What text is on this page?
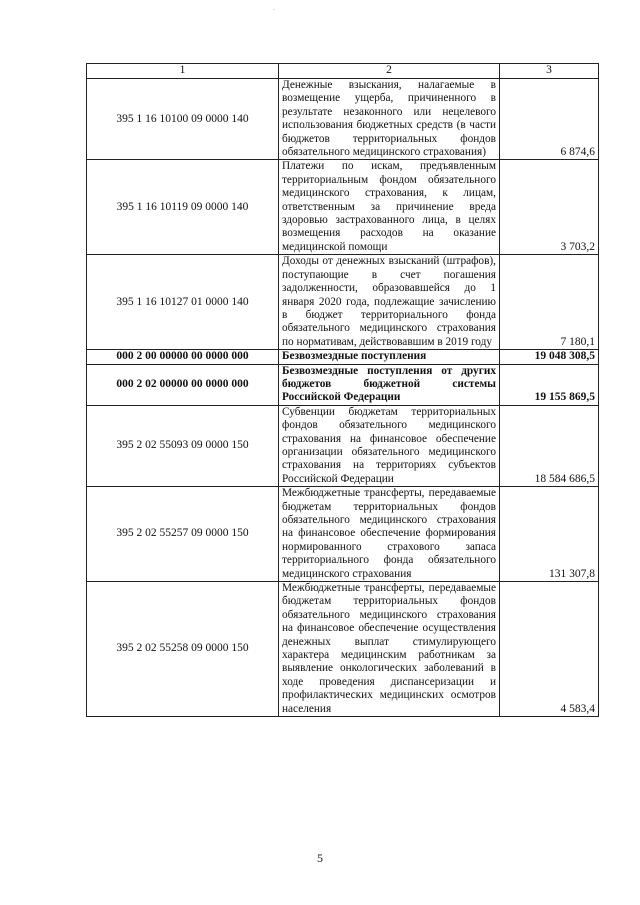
·
1	2	3
395 1 16 10100 09 0000 140	Денежные взыскания, налагаемые в возмещение ущерба, причиненного в результате незаконного или нецелевого использования бюджетных средств (в части бюджетов территориальных фондов обязательного медицинского страхования)	6 874,6
395 1 16 10119 09 0000 140	Платежи по искам, предъявленным территориальным фондом обязательного медицинского страхования, к лицам, ответственным за причинение вреда здоровью застрахованного лица, в целях возмещения расходов на оказание медицинской помощи	3 703,2
395 1 16 10127 01 0000 140	Доходы от денежных взысканий (штрафов), поступающие в счет погашения задолженности, образовавшейся до 1 января 2020 года, подлежащие зачислению в бюджет территориального фонда обязательного медицинского страхования по нормативам, действовавшим в 2019 году	7 180,1
000 2 00 00000 00 0000 000	Безвозмездные поступления	19 048 308,5
000 2 02 00000 00 0000 000	Безвозмездные поступления от других бюджетов бюджетной системы Российской Федерации	19 155 869,5
395 2 02 55093 09 0000 150	Субвенции бюджетам территориальных фондов обязательного медицинского страхования на финансовое обеспечение организации обязательного медицинского страхования на территориях субъектов Российской Федерации	18 584 686,5
395 2 02 55257 09 0000 150	Межбюджетные трансферты, передаваемые бюджетам территориальных фондов обязательного медицинского страхования на финансовое обеспечение формирования нормированного страхового запаса территориального фонда обязательного медицинского страхования	131 307,8
395 2 02 55258 09 0000 150	Межбюджетные трансферты, передаваемые бюджетам территориальных фондов обязательного медицинского страхования на финансовое обеспечение осуществления денежных выплат стимулирующего характера медицинским работникам за выявление онкологических заболеваний в ходе проведения диспансеризации и профилактических медицинских осмотров населения	4 583,4
5
